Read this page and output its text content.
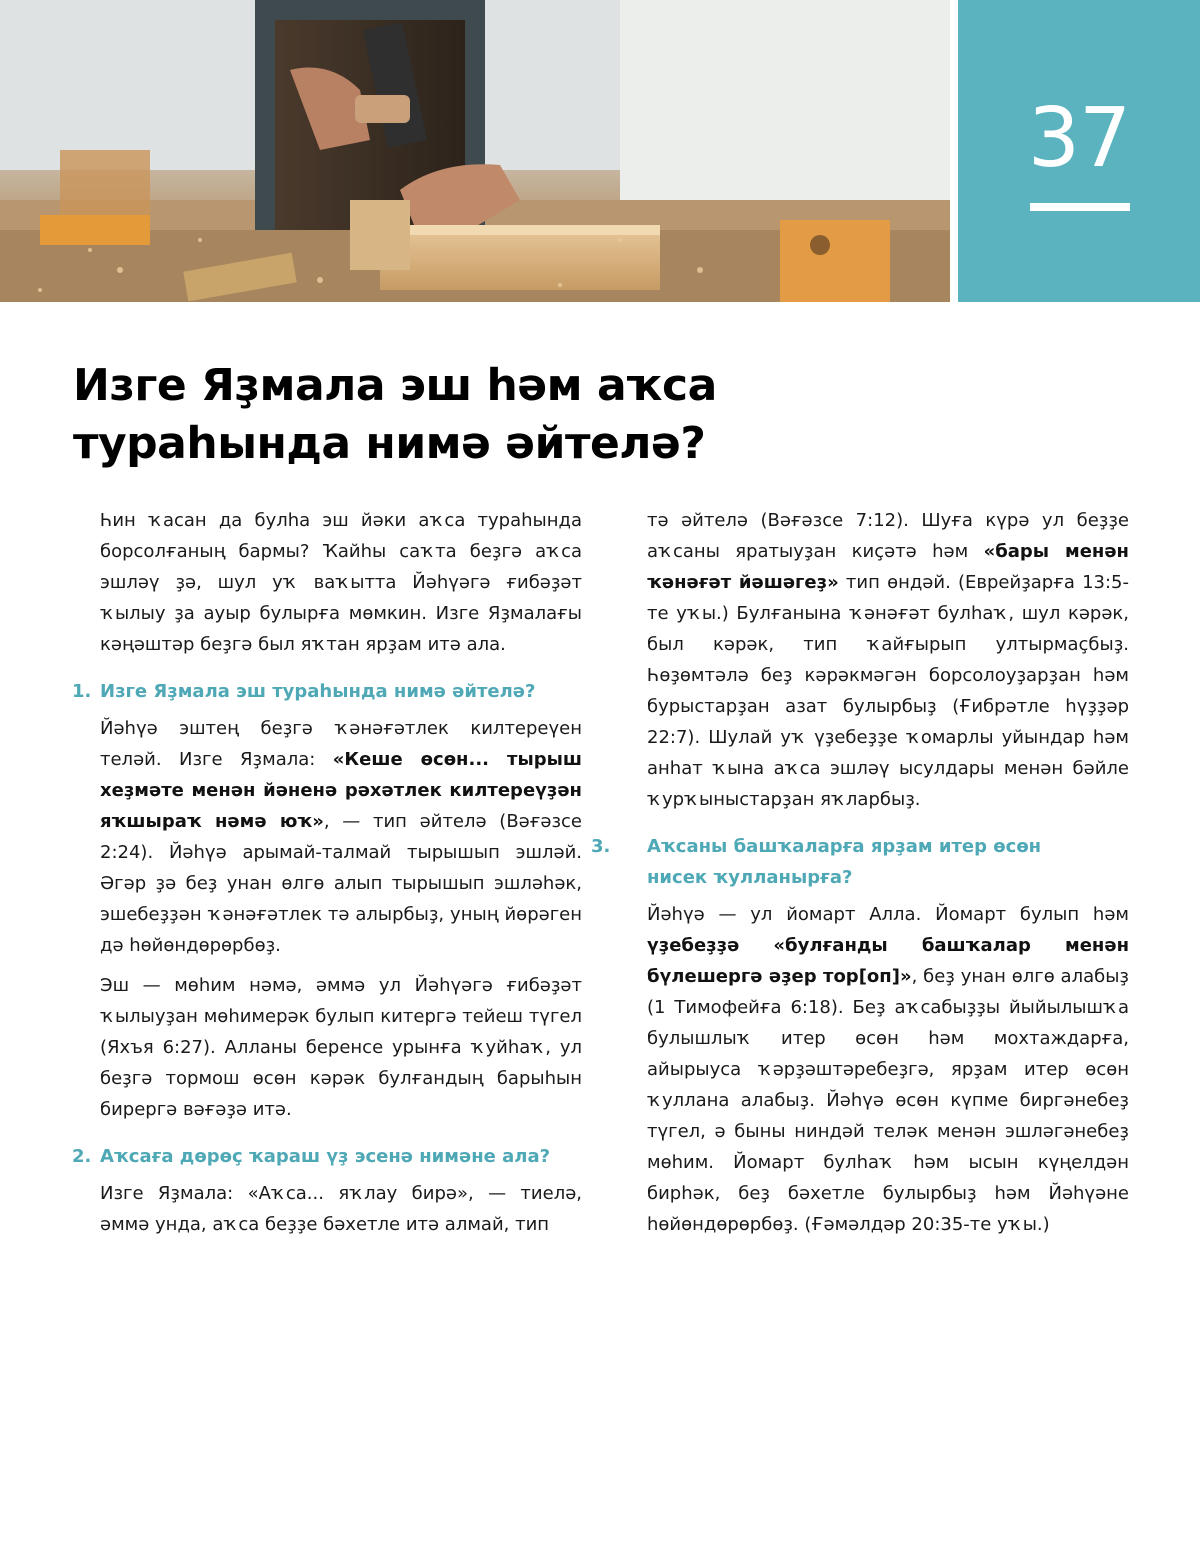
37
Изге Яҙмала эш һәм аҡса
тураһында нимә әйтелә?

Һин ҡасан да булһа эш йәки аҡса тураһында борсолғаның бармы? Ҡайһы саҡта беҙгә аҡса эшләү ҙә, шул уҡ ваҡытта Йәһүәгә ғибәҙәт ҡылыу ҙа ауыр булырға мөмкин. Изге Яҙмалағы кәңәштәр беҙгә был яҡтан ярҙам итә ала.

1. Изге Яҙмала эш тураһында нимә әйтелә?

Йәһүә эштең беҙгә ҡәнәғәтлек килтереүен теләй. Изге Яҙмала: «Кеше өсөн... тырыш хеҙмәте менән йәненә рәхәтлек килтереүҙән яҡшыраҡ нәмә юҡ», — тип әйтелә (Вәғәзсе 2:24). Йәһүә арымай-талмай тырышып эшләй. Әгәр ҙә беҙ унан өлгө алып тырышып эшләһәк, эшебеҙҙән ҡәнәғәтлек тә алырбыҙ, уның йөрәген дә һөйөндөрөрбөҙ.

Эш — мөһим нәмә, әммә ул Йәһүәгә ғибәҙәт ҡылыуҙан мөһимерәк булып китергә тейеш түгел (Яхъя 6:27). Алланы беренсе урынға ҡуйһаҡ, ул беҙгә тормош өсөн кәрәк булғандың барыһын бирергә вәғәҙә итә.

2. Аҡсаға дөрөҫ ҡараш үҙ эсенә нимәне ала?

Изге Яҙмала: «Аҡса... яҡлау бирә», — тиелә, әммә унда, аҡса беҙҙе бәхетле итә алмай, тип

тә әйтелә (Вәғәзсе 7:12). Шуға күрә ул беҙҙе аҡсаны яратыуҙан киҫәтә һәм «бары менән ҡәнәғәт йәшәгеҙ» тип өндәй. (Еврейҙарға 13:5-те уҡы.) Булғанына ҡәнәғәт булһаҡ, шул кәрәк, был кәрәк, тип ҡайғырып ултырмаҫбыҙ. Һөҙөмтәлә беҙ кәрәкмәгән борсолоуҙарҙан һәм бурыстарҙан азат булырбыҙ (Ғибрәтле һүҙҙәр 22:7). Шулай уҡ үҙебеҙҙе ҡомарлы уйындар һәм анһат ҡына аҡса эшләү ысулдары менән бәйле ҡурҡыныстарҙан яҡларбыҙ.

3. Аҡсаны башҡаларға ярҙам итер өсөн
нисек ҡулланырға?

Йәһүә — ул йомарт Алла. Йомарт булып һәм үҙебеҙҙә «булғанды башҡалар менән бүлешергә әҙер тор[оп]», беҙ унан өлгө алабыҙ (1 Тимофейға 6:18). Беҙ аҡсабыҙҙы йыйылышҡа булышлыҡ итер өсөн һәм мохтаждарға, айырыуса ҡәрҙәштәребеҙгә, ярҙам итер өсөн ҡуллана алабыҙ. Йәһүә өсөн күпме биргәнебеҙ түгел, ә быны ниндәй теләк менән эшләгәнебеҙ мөһим. Йомарт булһаҡ һәм ысын күңелдән бирһәк, беҙ бәхетле булырбыҙ һәм Йәһүәне һөйөндөрөрбөҙ. (Ғәмәлдәр 20:35-те уҡы.)
